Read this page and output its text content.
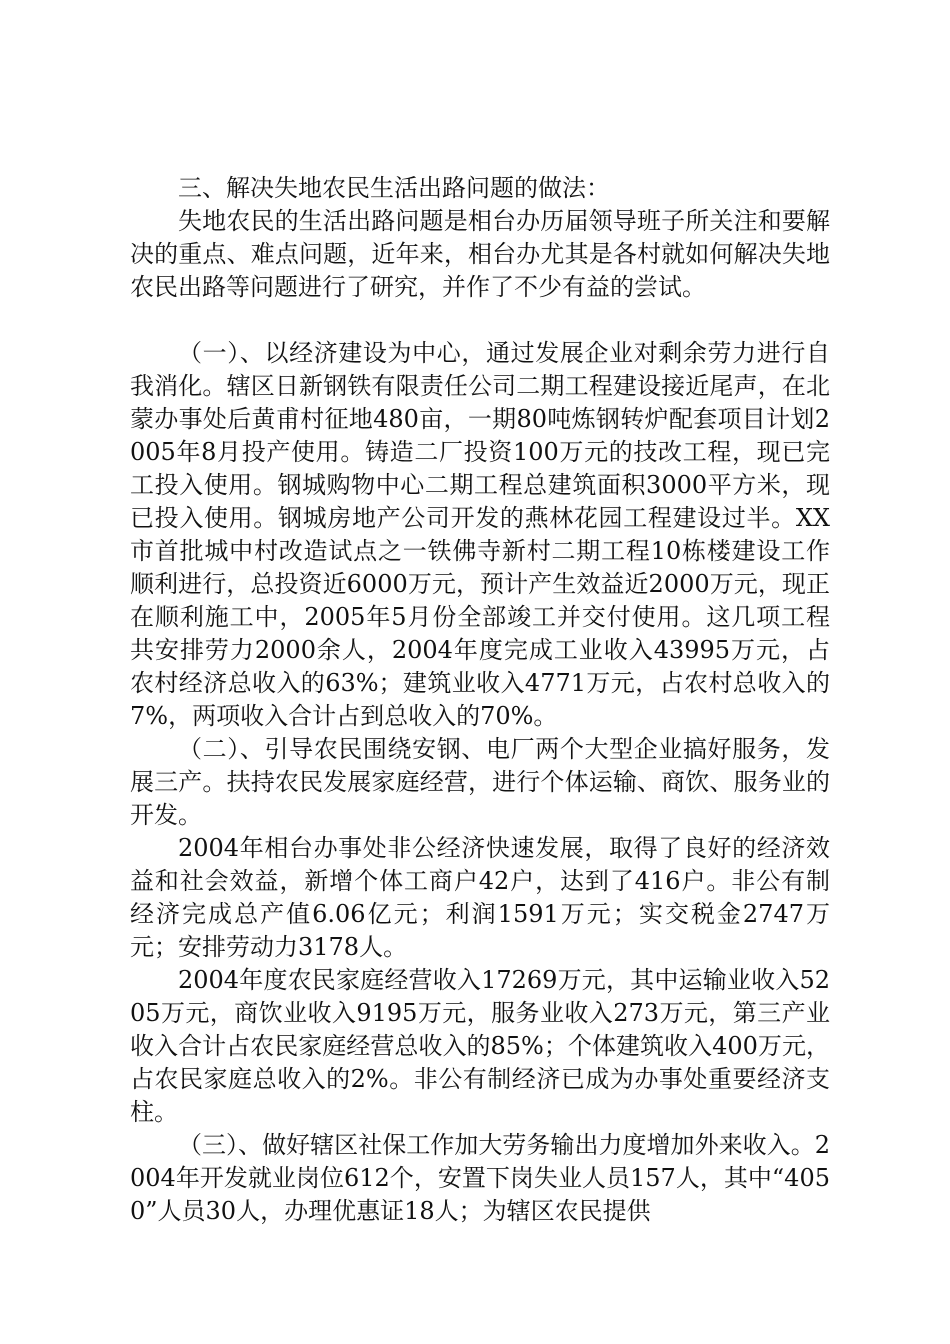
三、解决失地农民生活出路问题的做法：

失地农民的生活出路问题是相台办历届领导班子所关注和要解决的重点、难点问题，近年来，相台办尤其是各村就如何解决失地农民出路等问题进行了研究，并作了不少有益的尝试。

（一）、以经济建设为中心，通过发展企业对剩余劳力进行自我消化。辖区日新钢铁有限责任公司二期工程建设接近尾声，在北蒙办事处后黄甫村征地480亩，一期80吨炼钢转炉配套项目计划2005年8月投产使用。铸造二厂投资100万元的技改工程，现已完工投入使用。钢城购物中心二期工程总建筑面积3000平方米，现已投入使用。钢城房地产公司开发的燕林花园工程建设过半。XX市首批城中村改造试点之一铁佛寺新村二期工程10栋楼建设工作顺利进行，总投资近6000万元，预计产生效益近2000万元，现正在顺利施工中，2005年5月份全部竣工并交付使用。这几项工程共安排劳力2000余人，2004年度完成工业收入43995万元，占农村经济总收入的63%；建筑业收入4771万元，占农村总收入的7%，两项收入合计占到总收入的70%。

（二）、引导农民围绕安钢、电厂两个大型企业搞好服务，发展三产。扶持农民发展家庭经营，进行个体运输、商饮、服务业的开发。

2004年相台办事处非公经济快速发展，取得了良好的经济效益和社会效益，新增个体工商户42户，达到了416户。非公有制经济完成总产值6.06亿元；利润1591万元；实交税金2747万元；安排劳动力3178人。

2004年度农民家庭经营收入17269万元，其中运输业收入5205万元，商饮业收入9195万元，服务业收入273万元，第三产业收入合计占农民家庭经营总收入的85%；个体建筑收入400万元，占农民家庭总收入的2%。非公有制经济已成为办事处重要经济支柱。

（三）、做好辖区社保工作加大劳务输出力度增加外来收入。2004年开发就业岗位612个，安置下岗失业人员157人，其中“4050”人员30人，办理优惠证18人；为辖区农民提供
